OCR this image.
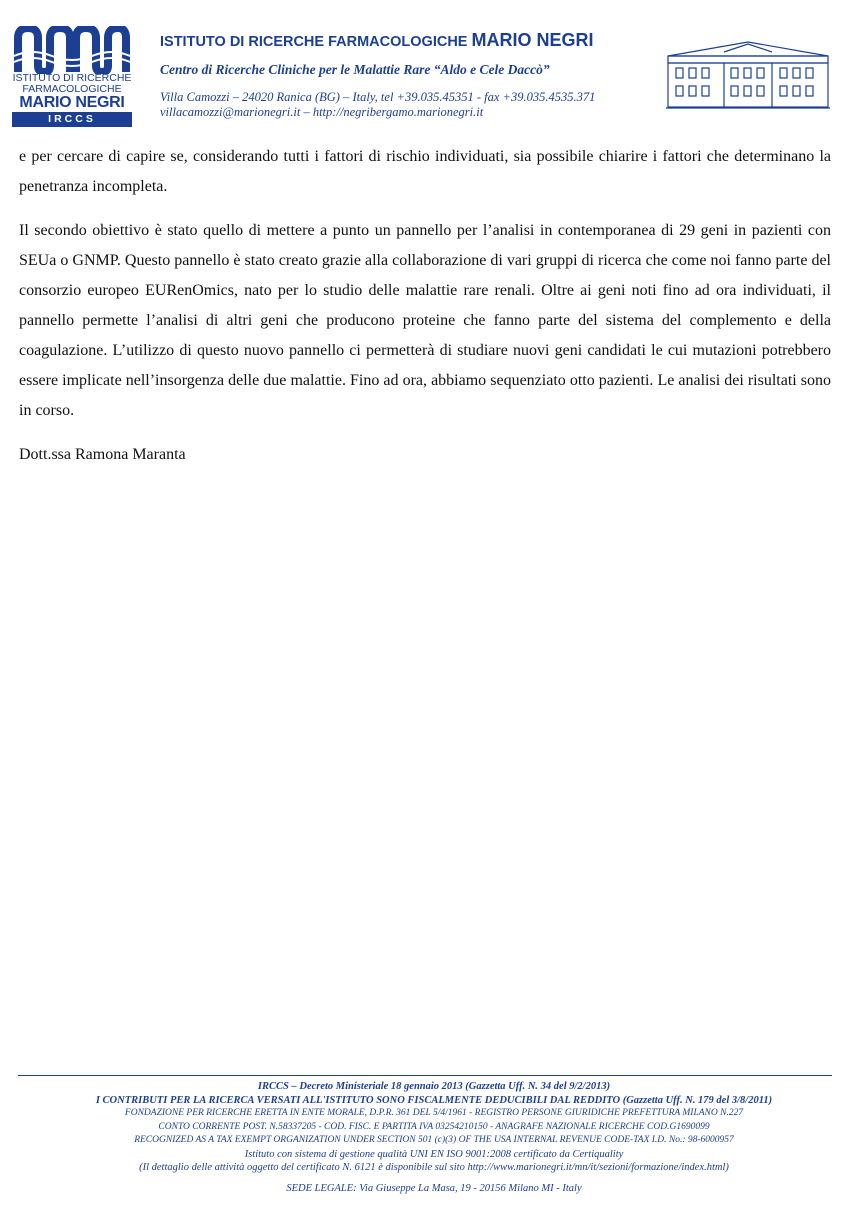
ISTITUTO DI RICERCHE
FARMACOLOGICHE
MARIO NEGRI
IRCCS
ISTITUTO DI RICERCHE FARMACOLOGICHE MARIO NEGRI
Centro di Ricerche Cliniche per le Malattie Rare “Aldo e Cele Daccò”
Villa Camozzi – 24020 Ranica (BG) – Italy, tel +39.035.45351 - fax +39.035.4535.371
villacamozzi@marionegri.it – http://negribergamo.marionegri.it

e per cercare di capire se, considerando tutti i fattori di rischio individuati, sia possibile chiarire i fattori che determinano la penetranza incompleta.

Il secondo obiettivo è stato quello di mettere a punto un pannello per l’analisi in contemporanea di 29 geni in pazienti con SEUa o GNMP. Questo pannello è stato creato grazie alla collaborazione di vari gruppi di ricerca che come noi fanno parte del consorzio europeo EURenOmics, nato per lo studio delle malattie rare renali. Oltre ai geni noti fino ad ora individuati, il pannello permette l’analisi di altri geni che producono proteine che fanno parte del sistema del complemento e della coagulazione. L’utilizzo di questo nuovo pannello ci permetterà di studiare nuovi geni candidati le cui mutazioni potrebbero essere implicate nell’insorgenza delle due malattie. Fino ad ora, abbiamo sequenziato otto pazienti. Le analisi dei risultati sono in corso.

Dott.ssa Ramona Maranta

IRCCS – Decreto Ministeriale 18 gennaio 2013 (Gazzetta Uff. N. 34 del 9/2/2013)
I CONTRIBUTI PER LA RICERCA VERSATI ALL'ISTITUTO SONO FISCALMENTE DEDUCIBILI DAL REDDITO (Gazzetta Uff. N. 179 del 3/8/2011)
FONDAZIONE PER RICERCHE ERETTA IN ENTE MORALE, D.P.R. 361 DEL 5/4/1961 - REGISTRO PERSONE GIURIDICHE PREFETTURA MILANO N.227
CONTO CORRENTE POST. N.58337205 - COD. FISC. E PARTITA IVA 03254210150 - ANAGRAFE NAZIONALE RICERCHE COD.G1690099
RECOGNIZED AS A TAX EXEMPT ORGANIZATION UNDER SECTION 501 (c)(3) OF THE USA INTERNAL REVENUE CODE-TAX I.D. No.: 98-6000957
Istituto con sistema di gestione qualità UNI EN ISO 9001:2008 certificato da Certiquality
(Il dettaglio delle attività oggetto del certificato N. 6121 è disponibile sul sito http://www.marionegri.it/mn/it/sezioni/formazione/index.html)
SEDE LEGALE: Via Giuseppe La Masa, 19 - 20156 Milano MI - Italy
